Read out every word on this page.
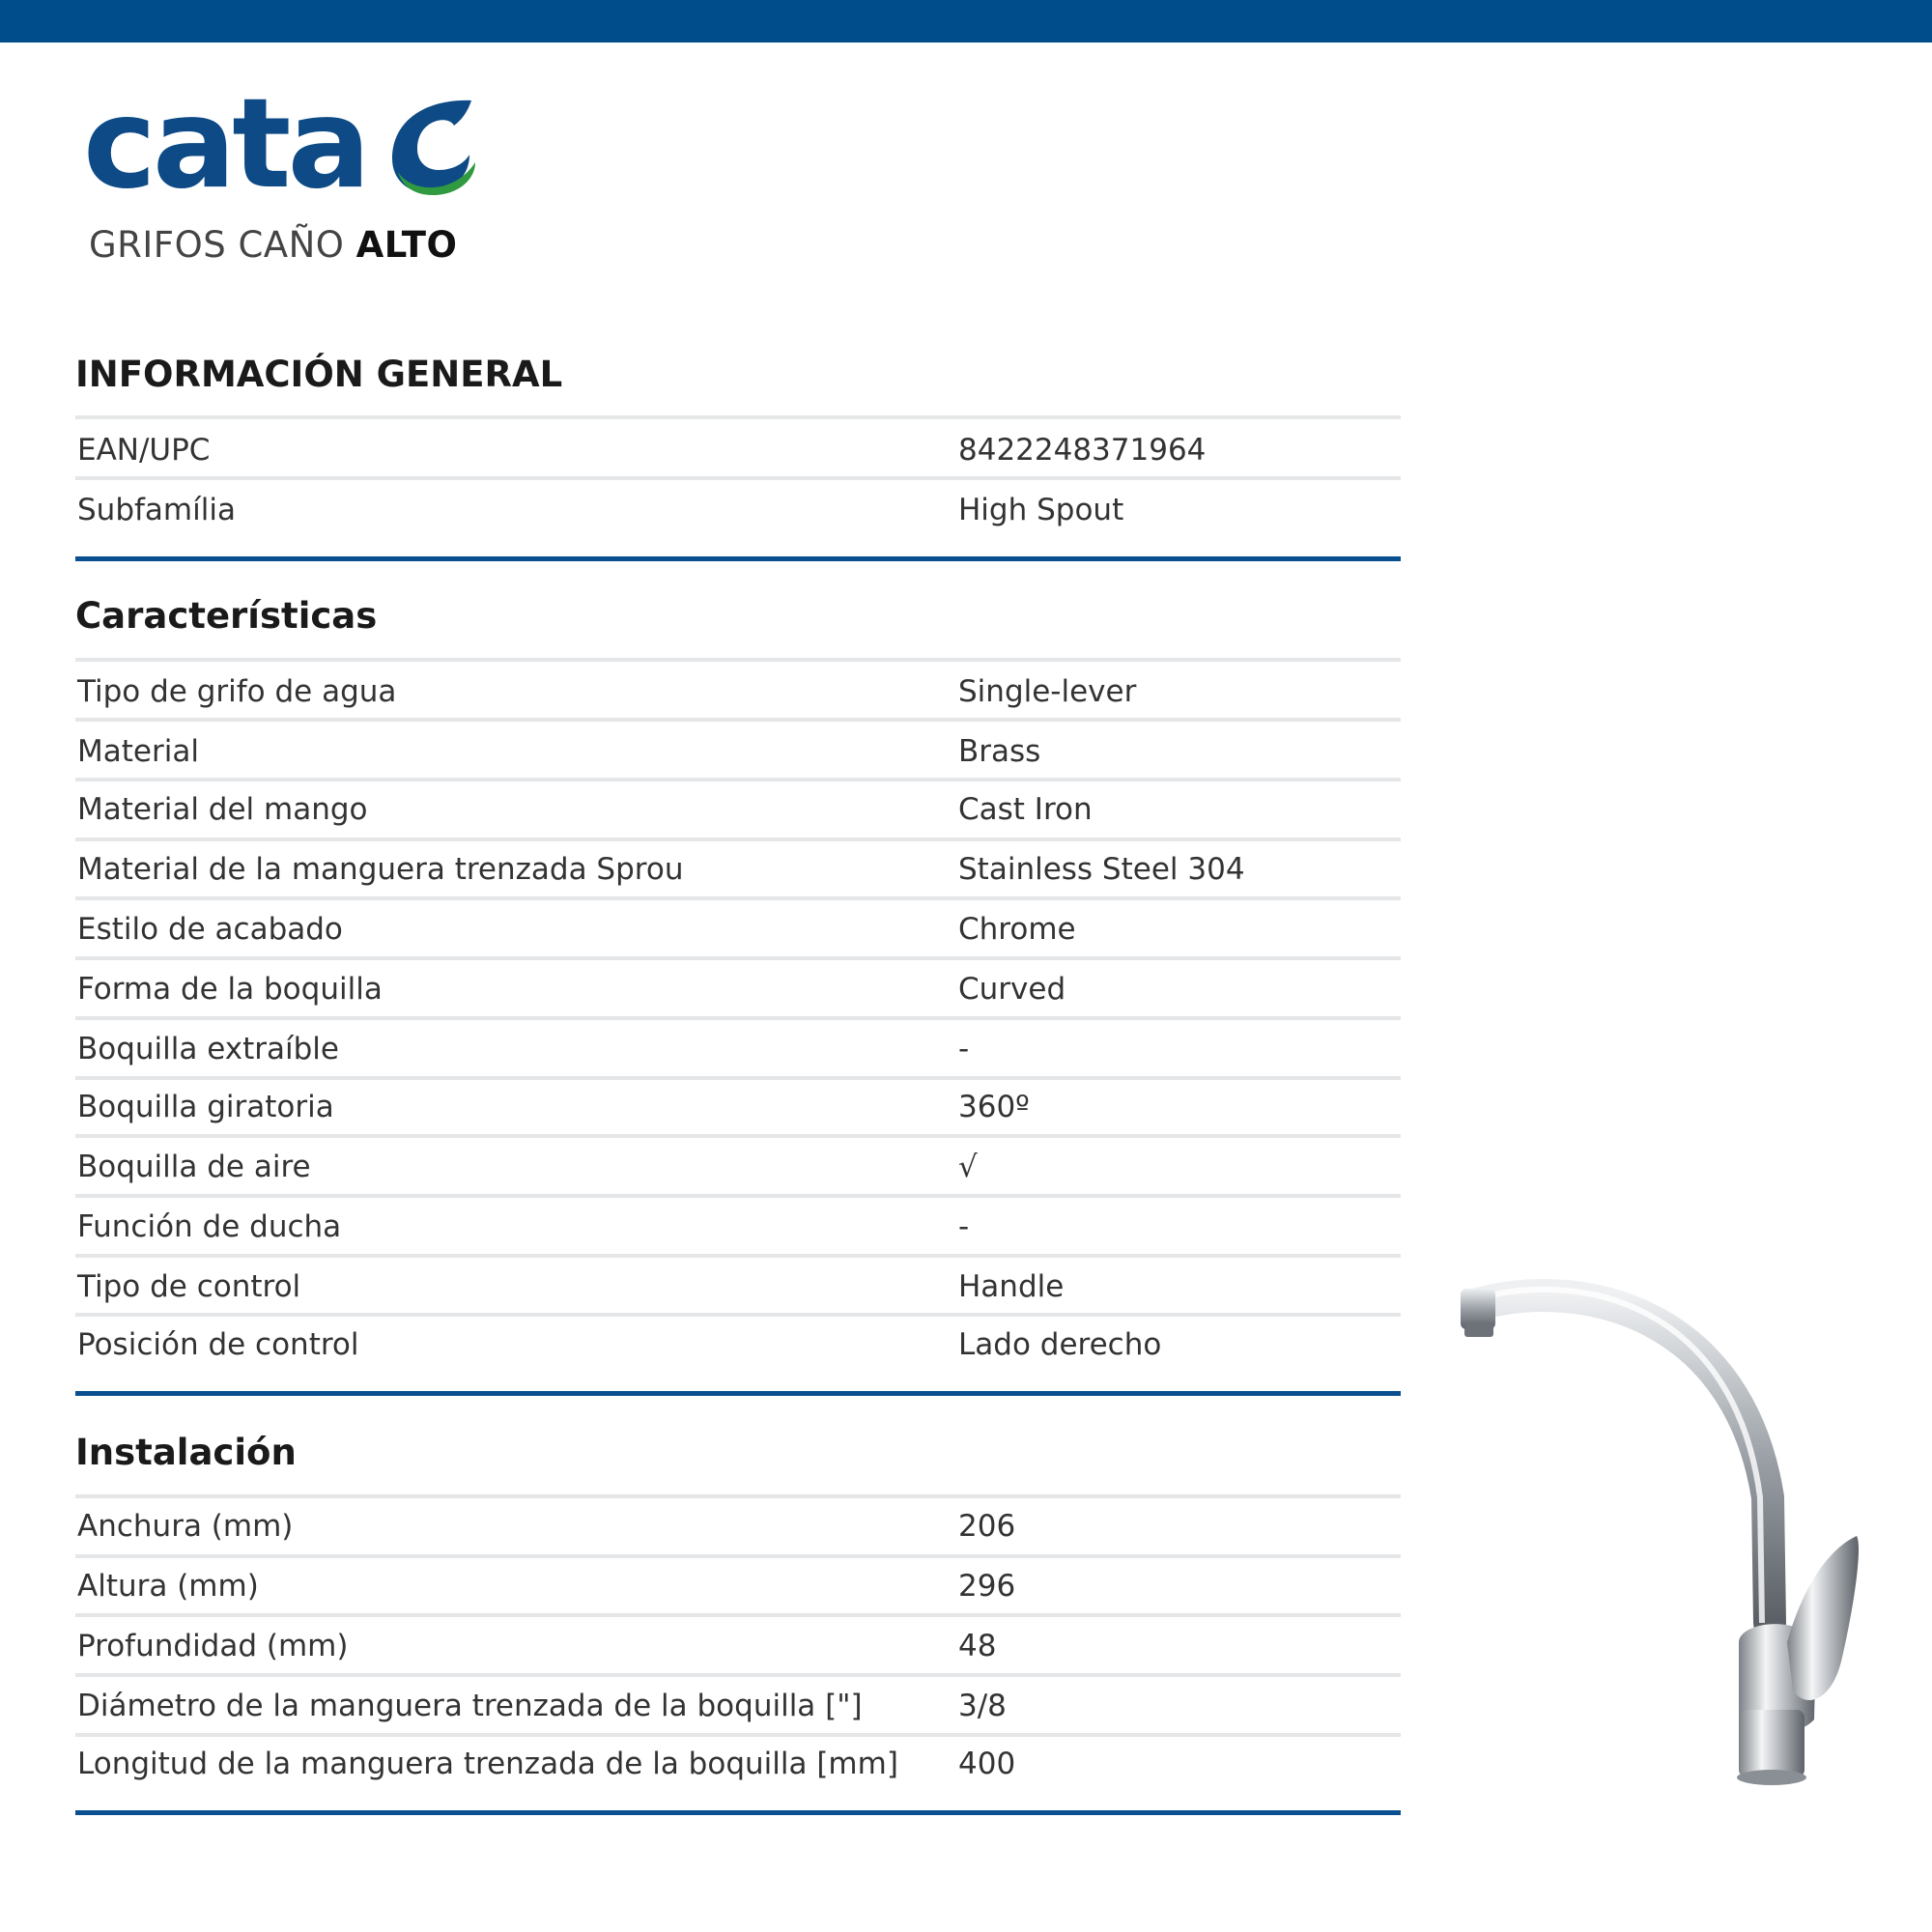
cata
GRIFOS CAÑO ALTO
INFORMACIÓN GENERAL
EAN/UPC	8422248371964
Subfamília	High Spout
Características
Tipo de grifo de agua	Single-lever
Material	Brass
Material del mango	Cast Iron
Material de la manguera trenzada Sprou	Stainless Steel 304
Estilo de acabado	Chrome
Forma de la boquilla	Curved
Boquilla extraíble	-
Boquilla giratoria	360º
Boquilla de aire	√
Función de ducha	-
Tipo de control	Handle
Posición de control	Lado derecho
Instalación
Anchura (mm)	206
Altura (mm)	296
Profundidad (mm)	48
Diámetro de la manguera trenzada de la boquilla ["]	3/8
Longitud de la manguera trenzada de la boquilla [mm] 400
